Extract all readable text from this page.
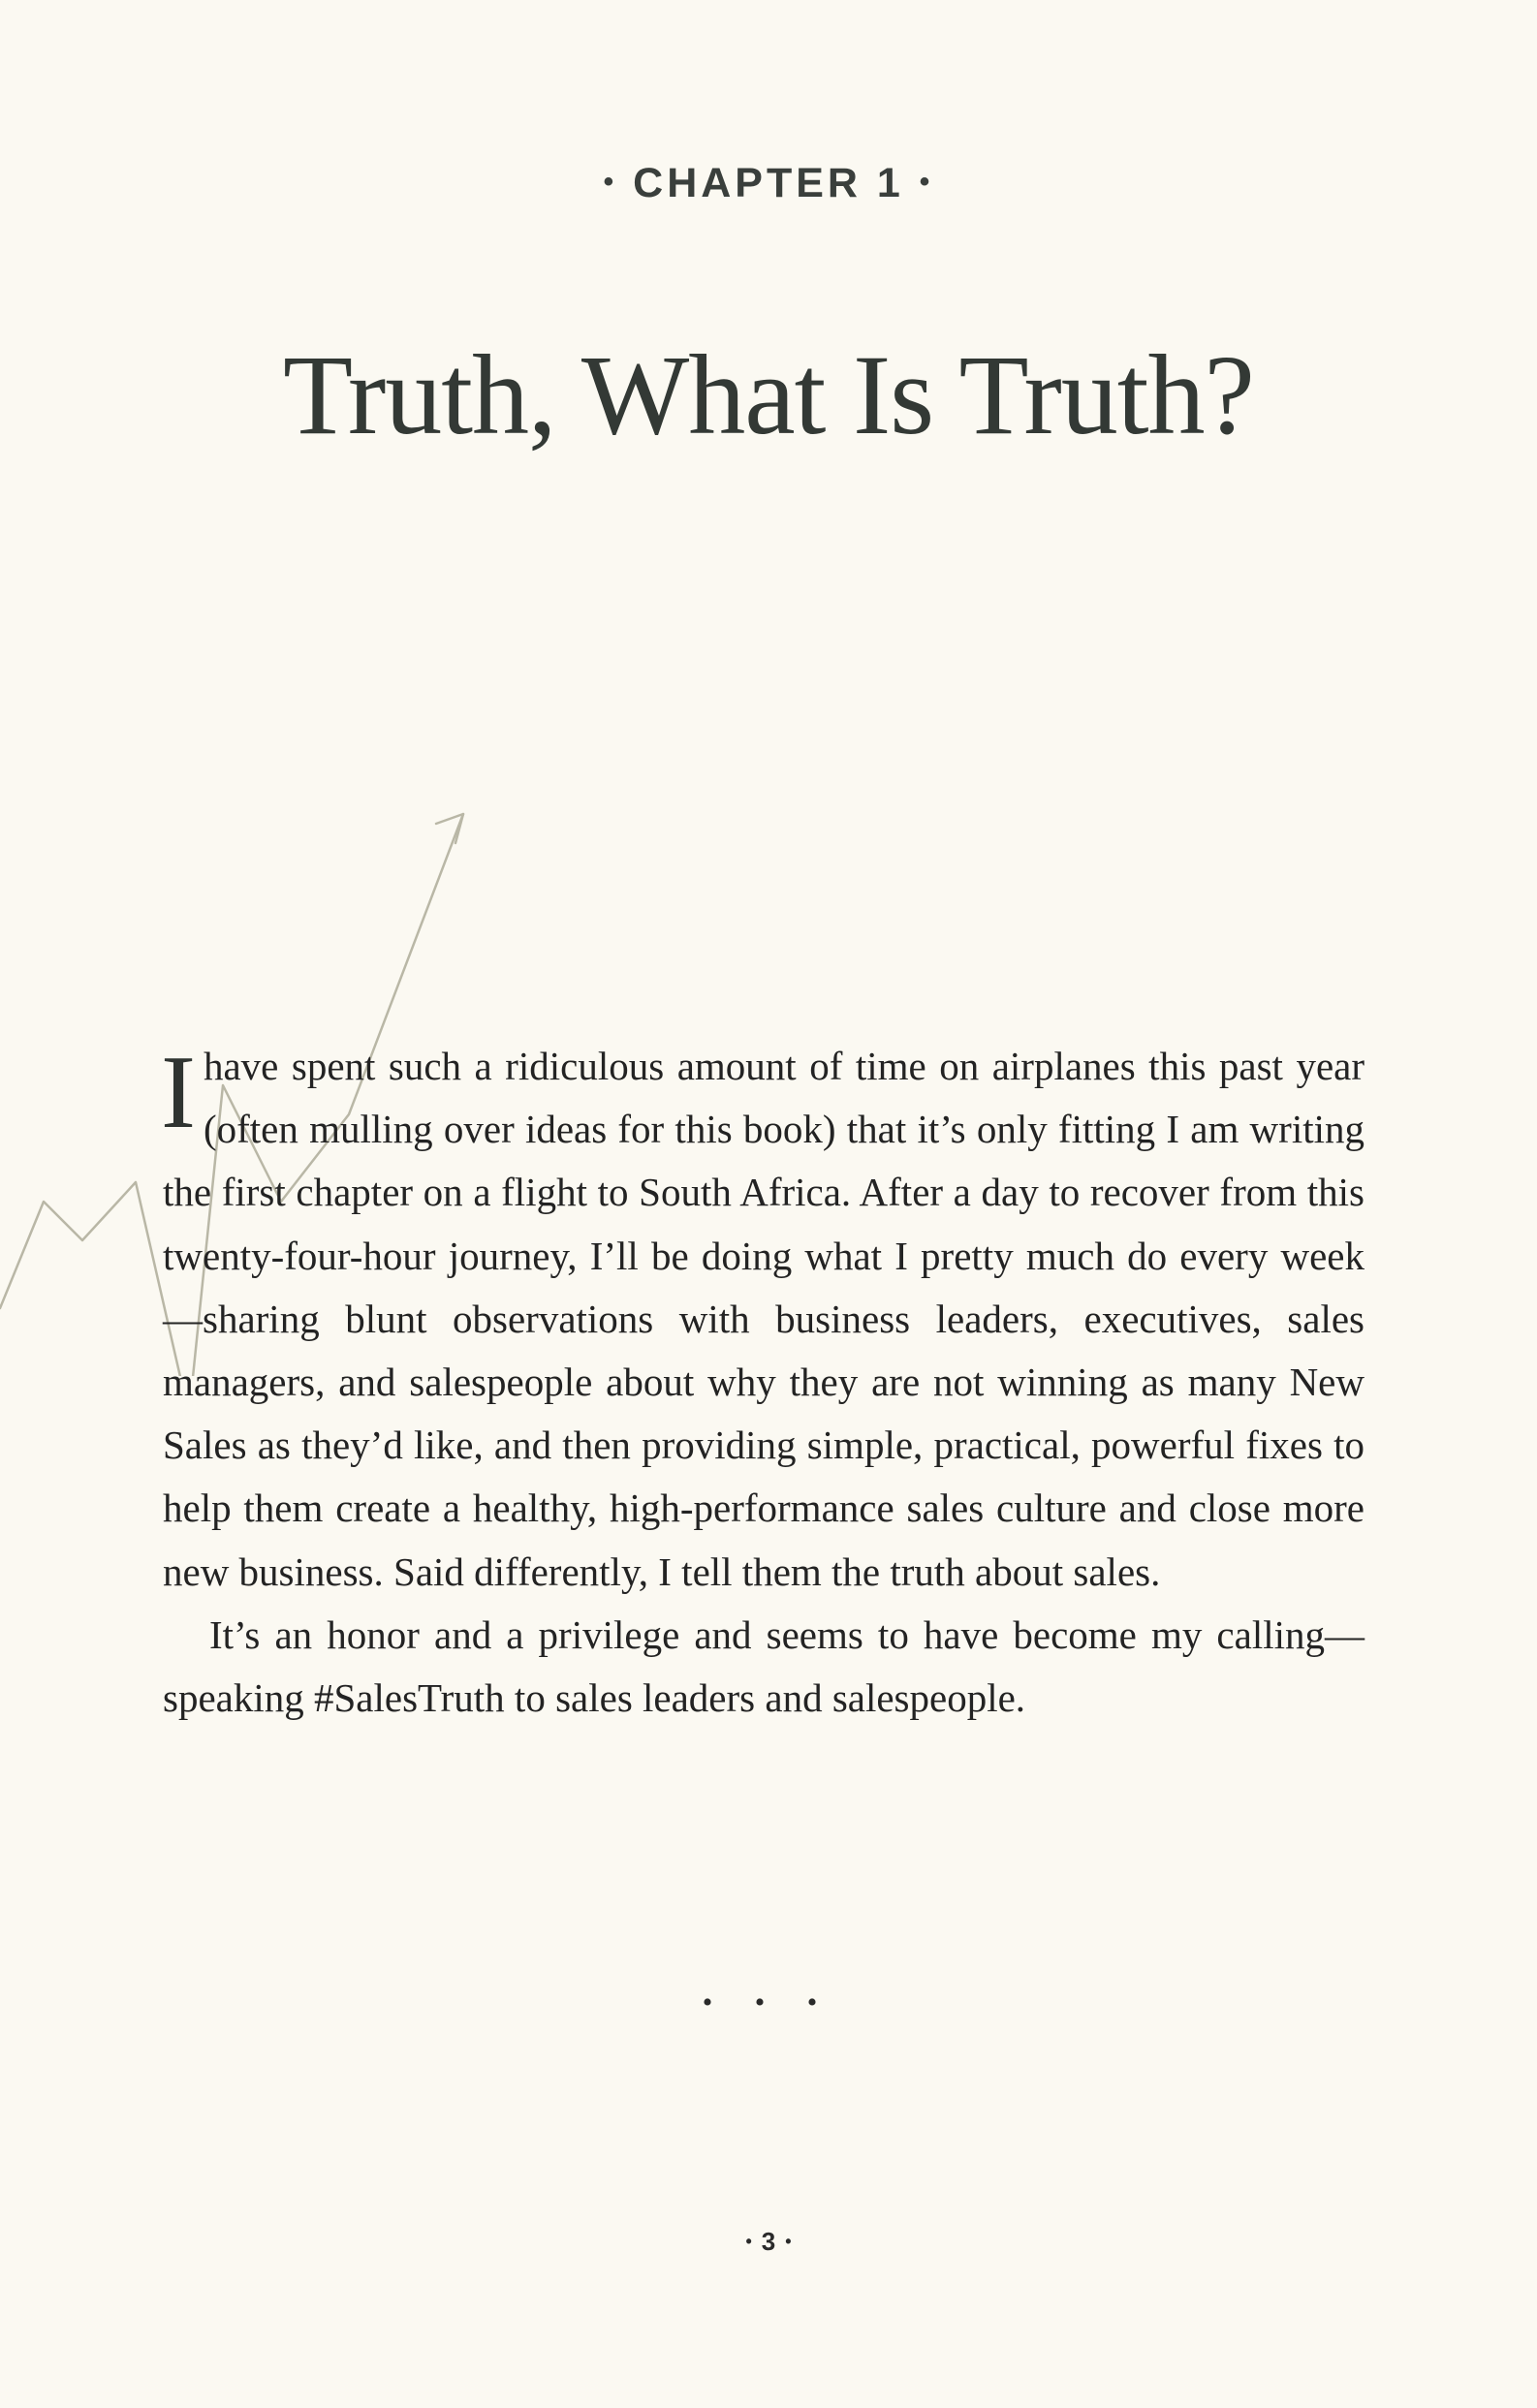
• CHAPTER 1 •
Truth, What Is Truth?

Ihave spent such a ridiculous amount of time on airplanes this past year (often mulling over ideas for this book) that it’s only fitting I am writing the first chapter on a flight to South Africa. After a day to recover from this twenty-four-hour journey, I’ll be doing what I pretty much do every week—sharing blunt observations with business leaders, executives, sales managers, and salespeople about why they are not winning as many New Sales as they’d like, and then providing simple, practical, powerful fixes to help them create a healthy, high-performance sales culture and close more new business. Said differently, I tell them the truth about sales.

It’s an honor and a privilege and seems to have become my calling—speaking #SalesTruth to sales leaders and salespeople.

• • •
• 3 •
